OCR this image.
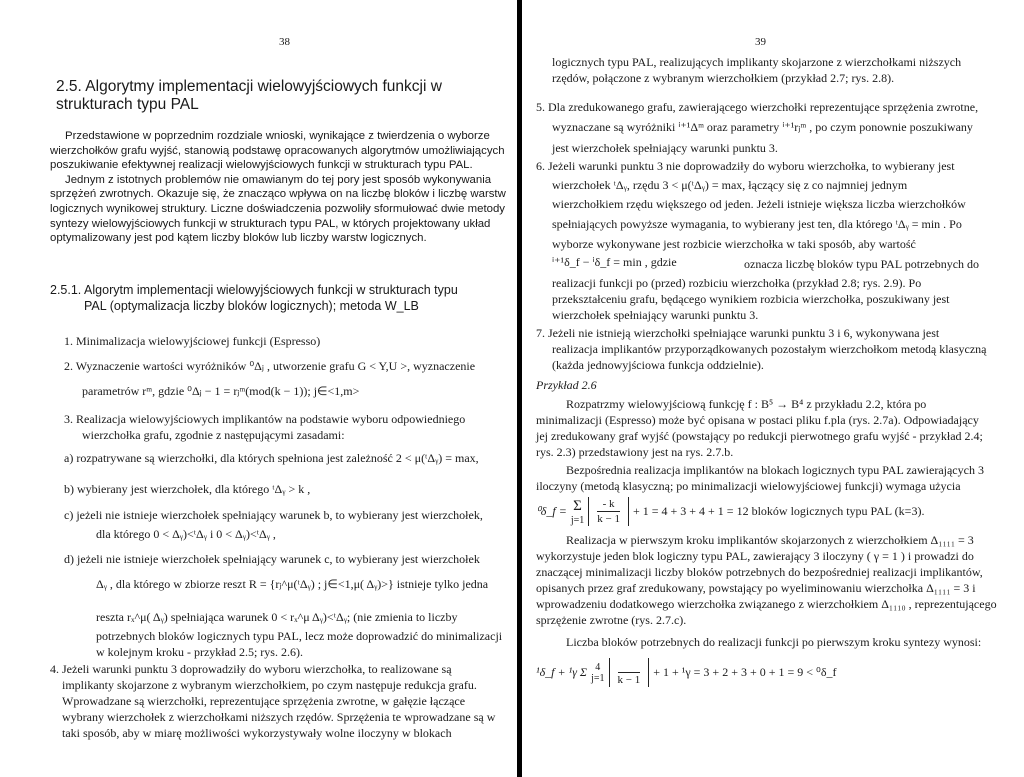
38
2.5. Algorytmy implementacji wielowyjściowych funkcji w strukturach typu PAL
Przedstawione w poprzednim rozdziale wnioski, wynikające z twierdzenia o wyborze
wierzchołków grafu wyjść, stanowią podstawę opracowanych algorytmów umożliwiających
poszukiwanie efektywnej realizacji wielowyjściowych funkcji w strukturach typu PAL.
Jednym z istotnych problemów nie omawianym do tej pory jest sposób wykonywania
sprzężeń zwrotnych. Okazuje się, że znacząco wpływa on na liczbę bloków i liczbę warstw
logicznych wynikowej struktury. Liczne doświadczenia pozwoliły sformułować dwie metody
syntezy wielowyjściowych funkcji w strukturach typu PAL, w których projektowany układ
optymalizowany jest pod kątem liczby bloków lub liczby warstw logicznych.
2.5.1. Algorytm implementacji wielowyjściowych funkcji w strukturach typu
PAL (optymalizacja liczby bloków logicznych); metoda W_LB
1. Minimalizacja wielowyjściowej funkcji (Espresso)
2. Wyznaczenie wartości wyróżników ⁰Δⱼ , utworzenie grafu G < Y,U >, wyznaczenie
parametrów rᵐ, gdzie ⁰Δⱼ − 1 = rⱼᵐ(mod(k − 1)); j∈<1,m>
3. Realizacja wielowyjściowych implikantów na podstawie wyboru odpowiedniego
wierzchołka grafu, zgodnie z następującymi zasadami:
a) rozpatrywane są wierzchołki, dla których spełniona jest zależność 2 < μ(ᵗΔᵧ) = max,
b) wybierany jest wierzchołek, dla którego ᵗΔᵧ > k ,
c) jeżeli nie istnieje wierzchołek spełniający warunek b, to wybierany jest wierzchołek,
dla którego 0 < Δᵧ)<ᵗΔᵧ i 0 < Δᵧ)<ᵗΔᵧ ,
d) jeżeli nie istnieje wierzchołek spełniający warunek c, to wybierany jest wierzchołek
Δᵧ , dla którego w zbiorze reszt R = {rⱼ^μ(ᵗΔᵧ) ; j∈<1,μ( Δᵧ)>} istnieje tylko jedna
reszta rₓ^μ( Δᵧ) spełniająca warunek 0 < rₓ^μ Δᵧ)<ᵗΔᵧ; (nie zmienia to liczby
potrzebnych bloków logicznych typu PAL, lecz może doprowadzić do minimalizacji
w kolejnym kroku - przykład 2.5; rys. 2.6).
4. Jeżeli warunki punktu 3 doprowadziły do wyboru wierzchołka, to realizowane są
implikanty skojarzone z wybranym wierzchołkiem, po czym następuje redukcja grafu.
Wprowadzane są wierzchołki, reprezentujące sprzężenia zwrotne, w gałęzie łączące
wybrany wierzchołek z wierzchołkami niższych rzędów. Sprzężenia te wprowadzane są w
taki sposób, aby w miarę możliwości wykorzystywały wolne iloczyny w blokach
39
logicznych typu PAL, realizujących implikanty skojarzone z wierzchołkami niższych
rzędów, połączone z wybranym wierzchołkiem (przykład 2.7; rys. 2.8).
5. Dla zredukowanego grafu, zawierającego wierzchołki reprezentujące sprzężenia zwrotne,
wyznaczane są wyróżniki ⁱ⁺¹Δᵐ oraz parametry ⁱ⁺¹rⱼᵐ , po czym ponownie poszukiwany
jest wierzchołek spełniający warunki punktu 3.
6. Jeżeli warunki punktu 3 nie doprowadziły do wyboru wierzchołka, to wybierany jest
wierzchołek ᵗΔᵧ, rzędu 3 < μ(ᵗΔᵧ) = max, łączący się z co najmniej jednym
wierzchołkiem rzędu większego od jeden. Jeżeli istnieje większa liczba wierzchołków
spełniających powyższe wymagania, to wybierany jest ten, dla którego ᵗΔᵧ = min . Po
wyborze wykonywane jest rozbicie wierzchołka w taki sposób, aby wartość
ⁱ⁺¹δ_f − ⁱδ_f = min , gdzie	oznacza liczbę bloków typu PAL potrzebnych do
realizacji funkcji po (przed) rozbiciu wierzchołka (przykład 2.8; rys. 2.9). Po
przekształceniu grafu, będącego wynikiem rozbicia wierzchołka, poszukiwany jest
wierzchołek spełniający warunki punktu 3.
7. Jeżeli nie istnieją wierzchołki spełniające warunki punktu 3 i 6, wykonywana jest
realizacja implikantów przyporządkowanych pozostałym wierzchołkom metodą klasyczną
(każda jednowyjściowa funkcja oddzielnie).
Przykład 2.6
Rozpatrzmy wielowyjściową funkcję f : B⁵ → B⁴ z przykładu 2.2, która po
minimalizacji (Espresso) może być opisana w postaci pliku f.pla (rys. 2.7a). Odpowiadający
jej zredukowany graf wyjść (powstający po redukcji pierwotnego grafu wyjść - przykład 2.4;
rys. 2.3) przedstawiony jest na rys. 2.7.b.
Bezpośrednia realizacja implikantów na blokach logicznych typu PAL zawierających 3
iloczyny (metodą klasyczną; po minimalizacji wielowyjściowej funkcji) wymaga użycia
⁰δ_f = Σ
$j=1 \frac{- k}{k - 1} + 1 = 4 + 3 + 4 + 1 = 12$ bloków logicznych typu PAL (k=3).
Realizacja w pierwszym kroku implikantów skojarzonych z wierzchołkiem Δ₁₁₁₁ = 3
wykorzystuje jeden blok logiczny typu PAL, zawierający 3 iloczyny ( γ = 1 ) i prowadzi do
znaczącej minimalizacji liczby bloków potrzebnych do bezpośredniej realizacji implikantów,
opisanych przez graf zredukowany, powstający po wyeliminowaniu wierzchołka Δ₁₁₁₁ = 3 i
wprowadzeniu dodatkowego wierzchołka związanego z wierzchołkiem Δ₁₁₁₀ , reprezentującego
sprzężenie zwrotne (rys. 2.7.c).
Liczba bloków potrzebnych do realizacji funkcji po pierwszym kroku syntezy wynosi:
¹δ_f + ¹γ Σ 4
j=1
k − 1
+ 1 + ¹γ = 3 + 2 + 3 + 0 + 1 = 9 < ⁰δ_f
